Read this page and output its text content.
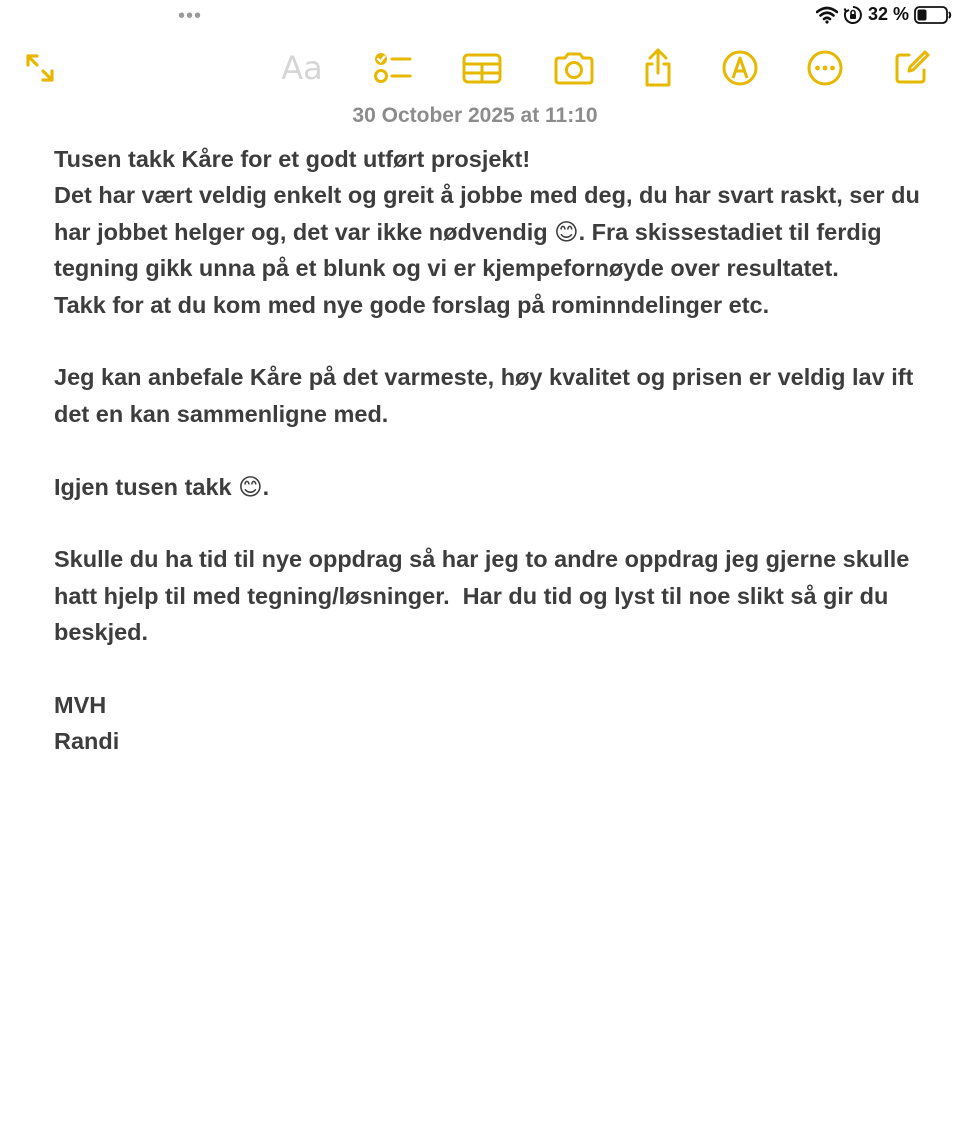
•••	32 %
Aa
30 October 2025 at 11:10

Tusen takk Kåre for et godt utført prosjekt!

Det har vært veldig enkelt og greit å jobbe med deg, du har svart raskt, ser du har jobbet helger og, det var ikke nødvendig 😊. Fra skissestadiet til ferdig tegning gikk unna på et blunk og vi er kjempefornøyde over resultatet.

Takk for at du kom med nye gode forslag på rominndelinger etc.

Jeg kan anbefale Kåre på det varmeste, høy kvalitet og prisen er veldig lav ift det en kan sammenligne med.

Igjen tusen takk 😊.

Skulle du ha tid til nye oppdrag så har jeg to andre oppdrag jeg gjerne skulle hatt hjelp til med tegning/løsninger.  Har du tid og lyst til noe slikt så gir du beskjed.

MVH

Randi
